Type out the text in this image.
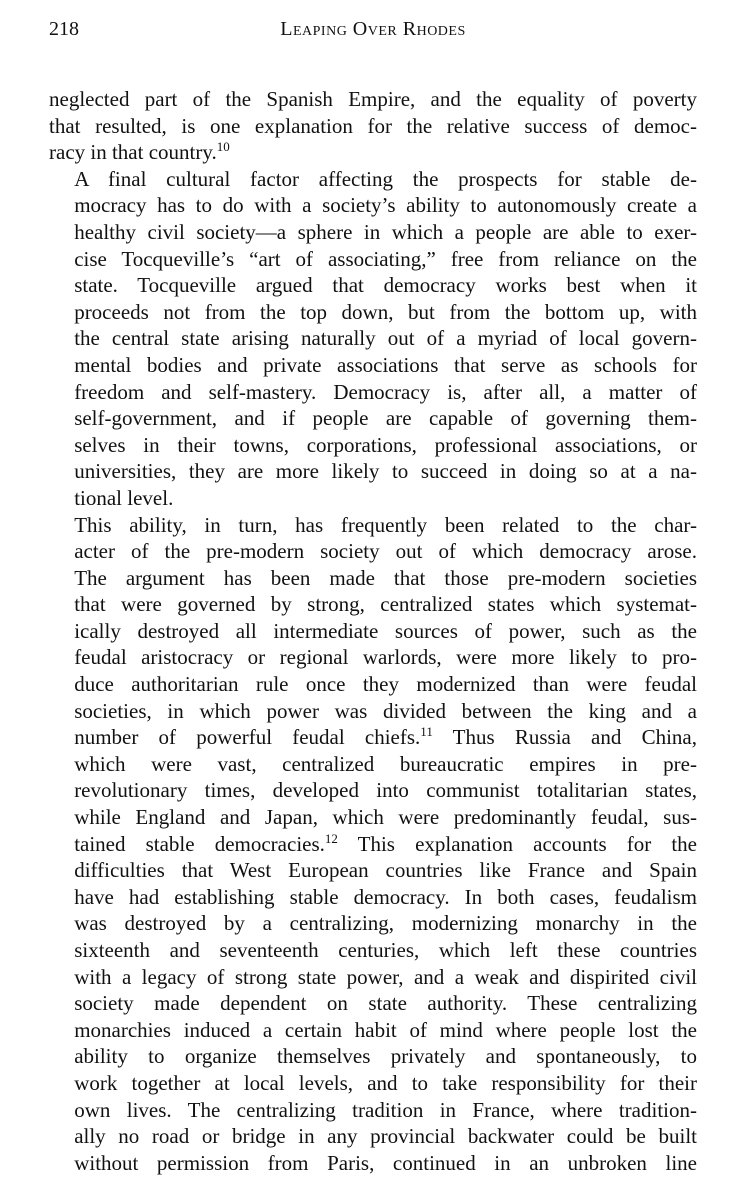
218	Leaping Over Rhodes

neglected part of the Spanish Empire, and the equality of poverty
that resulted, is one explanation for the relative success of democ-
racy in that country.$^{10}$

A final cultural factor affecting the prospects for stable de-
mocracy has to do with a society’s ability to autonomously create a
healthy civil society—a sphere in which a people are able to exer-
cise Tocqueville’s “art of associating,” free from reliance on the
state. Tocqueville argued that democracy works best when it
proceeds not from the top down, but from the bottom up, with
the central state arising naturally out of a myriad of local govern-
mental bodies and private associations that serve as schools for
freedom and self-mastery. Democracy is, after all, a matter of
self-government, and if people are capable of governing them-
selves in their towns, corporations, professional associations, or
universities, they are more likely to succeed in doing so at a na-
tional level.

This ability, in turn, has frequently been related to the char-
acter of the pre-modern society out of which democracy arose.
The argument has been made that those pre-modern societies
that were governed by strong, centralized states which systemat-
ically destroyed all intermediate sources of power, such as the
feudal aristocracy or regional warlords, were more likely to pro-
duce authoritarian rule once they modernized than were feudal
societies, in which power was divided between the king and a
number of powerful feudal chiefs.$^{11}$ Thus Russia and China,
which were vast, centralized bureaucratic empires in pre-
revolutionary times, developed into communist totalitarian states,
while England and Japan, which were predominantly feudal, sus-
tained stable democracies.$^{12}$ This explanation accounts for the
difficulties that West European countries like France and Spain
have had establishing stable democracy. In both cases, feudalism
was destroyed by a centralizing, modernizing monarchy in the
sixteenth and seventeenth centuries, which left these countries
with a legacy of strong state power, and a weak and dispirited civil
society made dependent on state authority. These centralizing
monarchies induced a certain habit of mind where people lost the
ability to organize themselves privately and spontaneously, to
work together at local levels, and to take responsibility for their
own lives. The centralizing tradition in France, where tradition-
ally no road or bridge in any provincial backwater could be built
without permission from Paris, continued in an unbroken line
